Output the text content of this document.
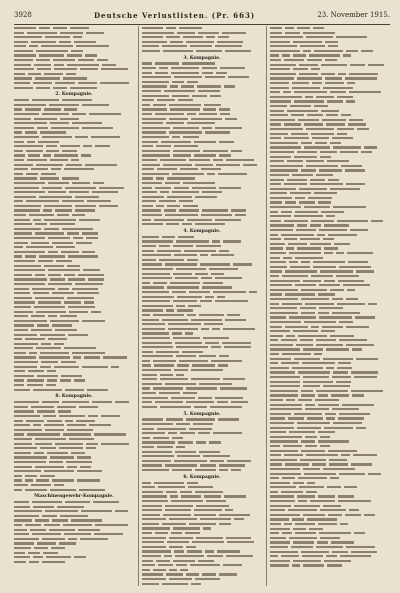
3928	Deutsche Verlustlisten. (Pr. 663)	23. November 1915.
2. Kompagnie.
8. Kompagnie.
Maschinengewehr-Kompagnie.
3. Kompagnie.
4. Kompagnie.
5. Kompagnie.
6. Kompagnie.
